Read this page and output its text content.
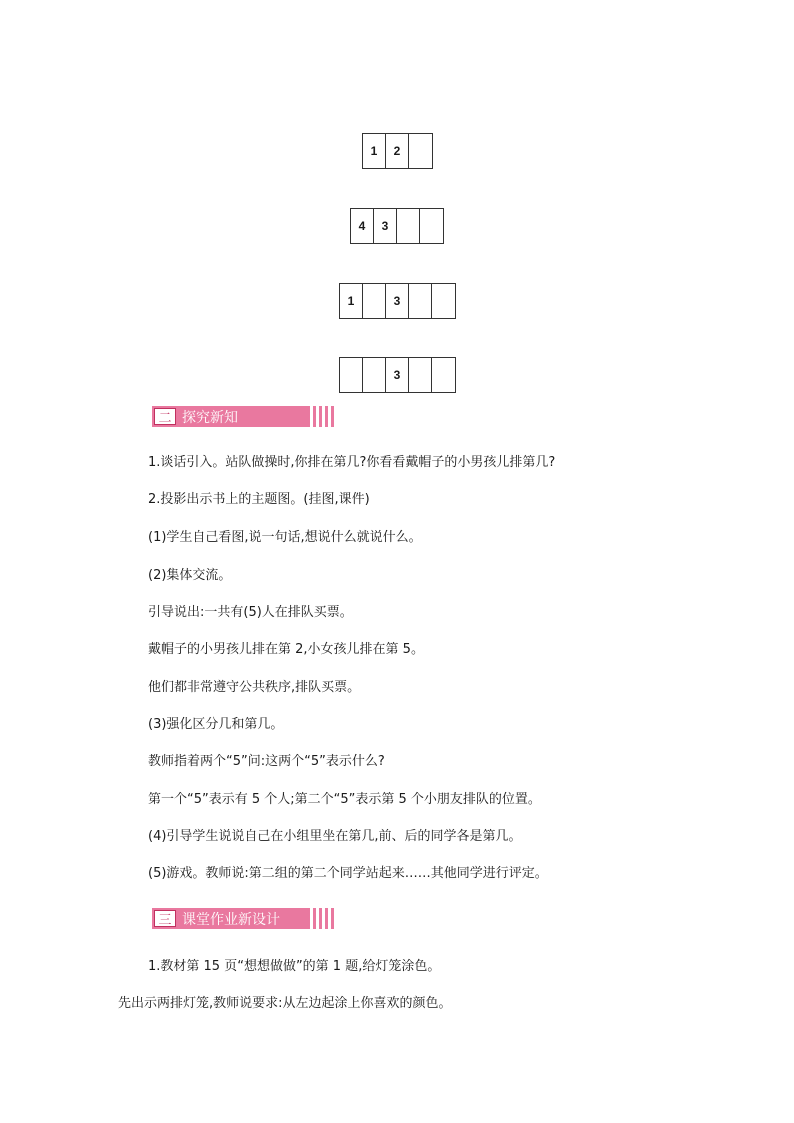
1	2
4	3
1	3
3
二 探究新知
1.谈话引入。站队做操时,你排在第几?你看看戴帽子的小男孩儿排第几?
2.投影出示书上的主题图。(挂图,课件)
(1)学生自己看图,说一句话,想说什么就说什么。
(2)集体交流。
引导说出:一共有(5)人在排队买票。
戴帽子的小男孩儿排在第 2,小女孩儿排在第 5。
他们都非常遵守公共秩序,排队买票。
(3)强化区分几和第几。
教师指着两个“5”问:这两个“5”表示什么?
第一个“5”表示有 5 个人;第二个“5”表示第 5 个小朋友排队的位置。
(4)引导学生说说自己在小组里坐在第几,前、后的同学各是第几。
(5)游戏。教师说:第二组的第二个同学站起来……其他同学进行评定。
三 课堂作业新设计
1.教材第 15 页“想想做做”的第 1 题,给灯笼涂色。
先出示两排灯笼,教师说要求:从左边起涂上你喜欢的颜色。
